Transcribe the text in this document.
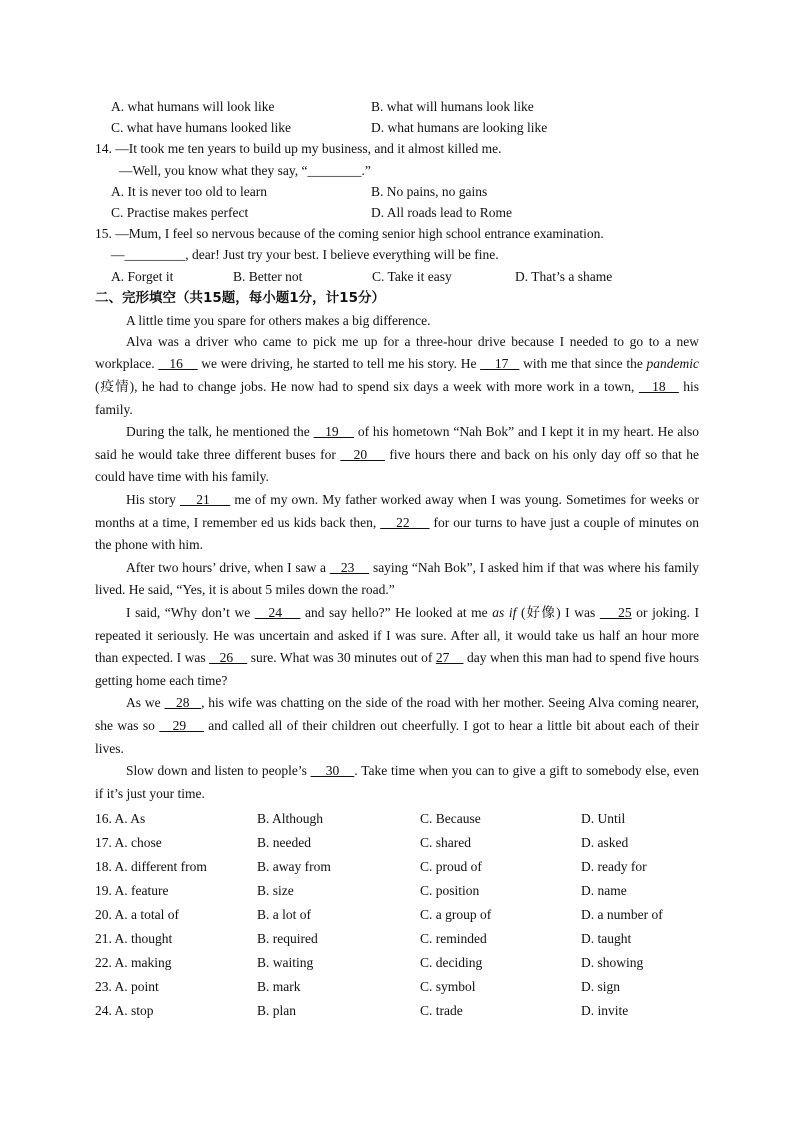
A. what humans will look like	B. what will humans look like
C. what have humans looked like	D. what humans are looking like
14. —It took me ten years to build up my business, and it almost killed me.
—Well, you know what they say, “________.”
A. It is never too old to learn	B. No pains, no gains
C. Practise makes perfect	D. All roads lead to Rome
15. —Mum, I feel so nervous because of the coming senior high school entrance examination.
—_________, dear! Just try your best. I believe everything will be fine.
A. Forget it	B. Better not	C. Take it easy	D. That’s a shame
二、完形填空（共15题，每小题1分，计15分）
A little time you spare for others makes a big difference.

Alva was a driver who came to pick me up for a three-hour drive because I needed to go to a new workplace.    16     we were driving, he started to tell me his story. He     17    with me that since the pandemic (疫情), he had to change jobs. He now had to spend six days a week with more work in a town,    18    his family.

During the talk, he mentioned the    19     of his hometown “Nah Bok” and I kept it in my heart. He also said he would take three different buses for    20     five hours there and back on his only day off so that he could have time with his family.

His story     21      me of my own. My father worked away when I was young. Sometimes for weeks or months at a time, I remember ed us kids back then,     22      for our turns to have just a couple of minutes on the phone with him.

After two hours’ drive, when I saw a    23     saying “Nah Bok”, I asked him if that was where his family lived. He said, “Yes, it is about 5 miles down the road.”

I said, “Why don’t we    24     and say hello?” He looked at me as if (好像) I was     25 or joking. I repeated it seriously. He was uncertain and asked if I was sure. After all, it would take us half an hour more than expected. I was    26     sure. What was 30 minutes out of 27     day when this man had to spend five hours getting home each time?

As we    28   , his wife was chatting on the side of the road with her mother. Seeing Alva coming nearer, she was so    29     and called all of their children out cheerfully. I got to hear a little bit about each of their lives.

Slow down and listen to people’s     30    . Take time when you can to give a gift to somebody else, even if it’s just your time.

16. A. As	B. Although	C. Because	D. Until
17. A. chose	B. needed	C. shared	D. asked
18. A. different from	B. away from	C. proud of	D. ready for
19. A. feature	B. size	C. position	D. name
20. A. a total of	B. a lot of	C. a group of	D. a number of
21. A. thought	B. required	C. reminded	D. taught
22. A. making	B. waiting	C. deciding	D. showing
23. A. point	B. mark	C. symbol	D. sign
24. A. stop	B. plan	C. trade	D. invite
